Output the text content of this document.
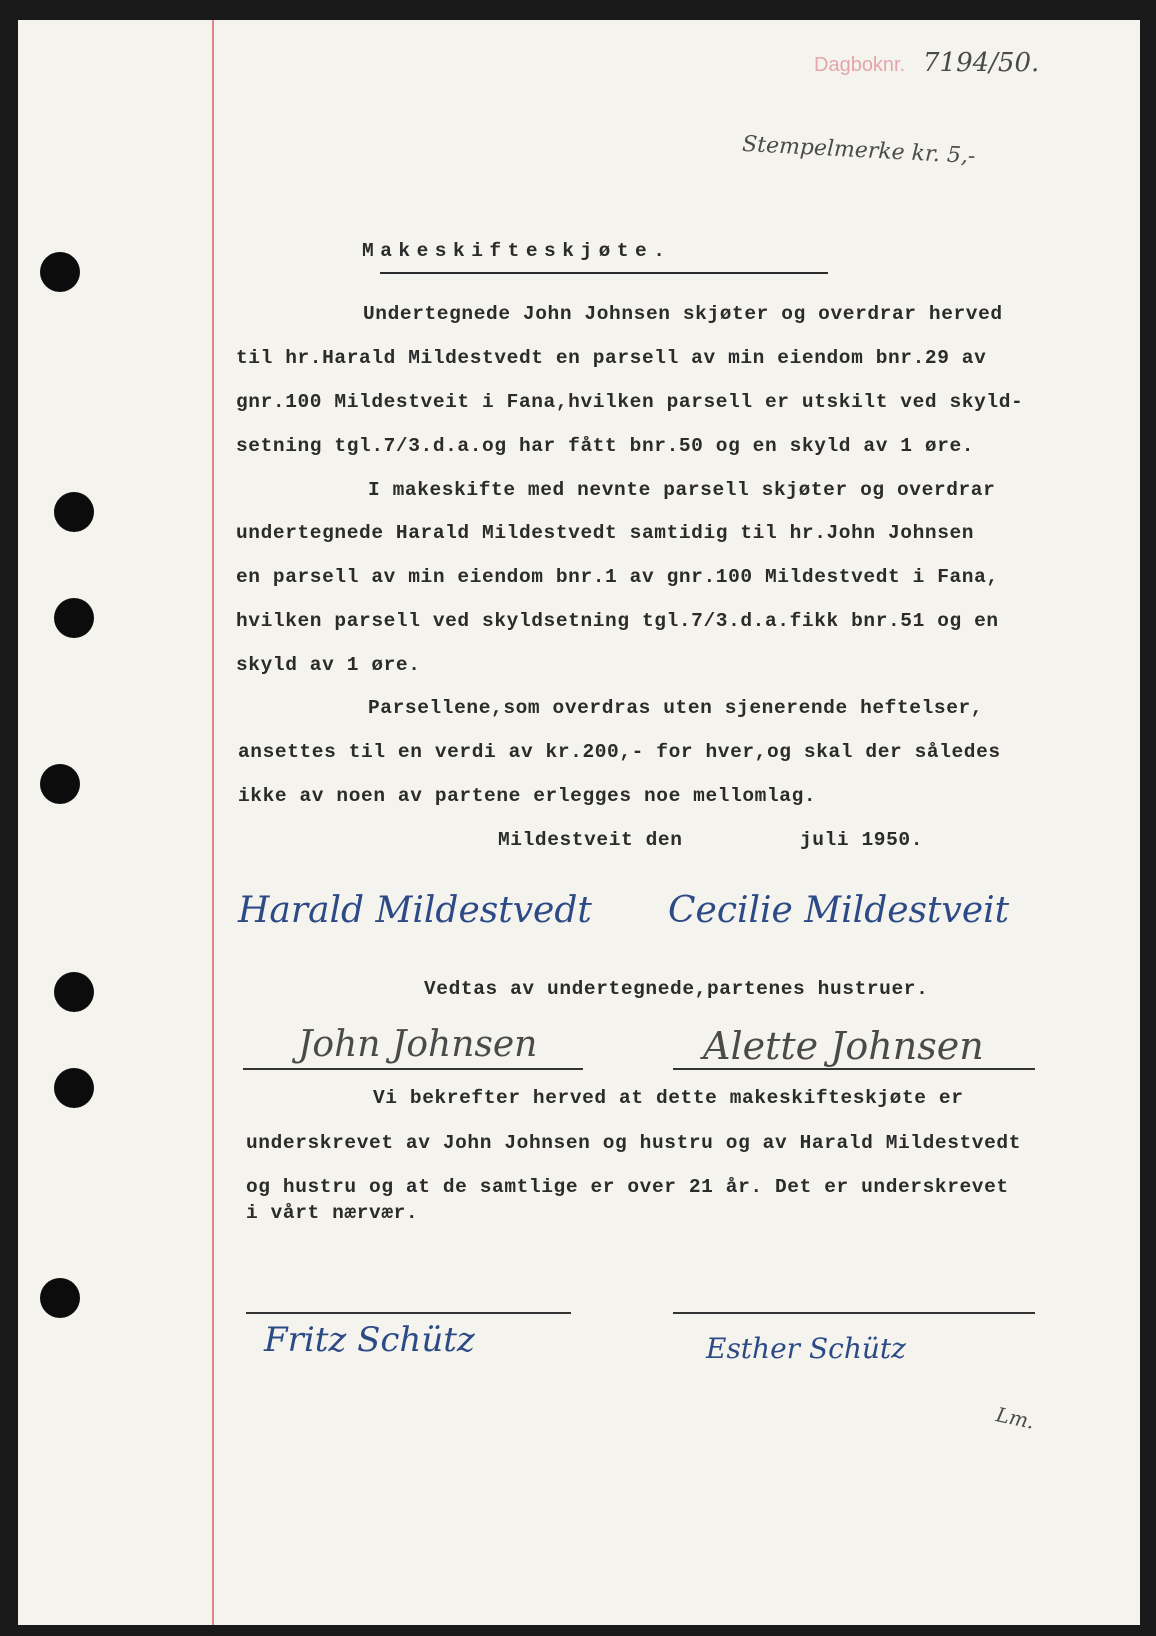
Dagboknr. 7194/50.
Stempelmerke kr. 5,-
Makeskifteskjøte.
Undertegnede John Johnsen skjøter og overdrar herved
til hr.Harald Mildestvedt en parsell av min eiendom bnr.29 av
gnr.100 Mildestveit i Fana,hvilken parsell er utskilt ved skyld-
setning tgl.7/3.d.a.og har fått bnr.50 og en skyld av 1 øre.
I makeskifte med nevnte parsell skjøter og overdrar
undertegnede Harald Mildestvedt samtidig til hr.John Johnsen
en parsell av min eiendom bnr.1 av gnr.100 Mildestvedt i Fana,
hvilken parsell ved skyldsetning tgl.7/3.d.a.fikk bnr.51 og en
skyld av 1 øre.
Parsellene,som overdras uten sjenerende heftelser,
ansettes til en verdi av kr.200,- for hver,og skal der således
ikke av noen av partene erlegges noe mellomlag.
Mildestveit den	juli 1950.
Harald Mildestvedt Cecilie Mildestveit
Vedtas av undertegnede,partenes hustruer.
John Johnsen	Alette Johnsen
Vi bekrefter herved at dette makeskifteskjøte er
underskrevet av John Johnsen og hustru og av Harald Mildestvedt
og hustru og at de samtlige er over 21 år. Det er underskrevet
i vårt nærvær.
Fritz Schütz	Esther Schütz
Lm.
